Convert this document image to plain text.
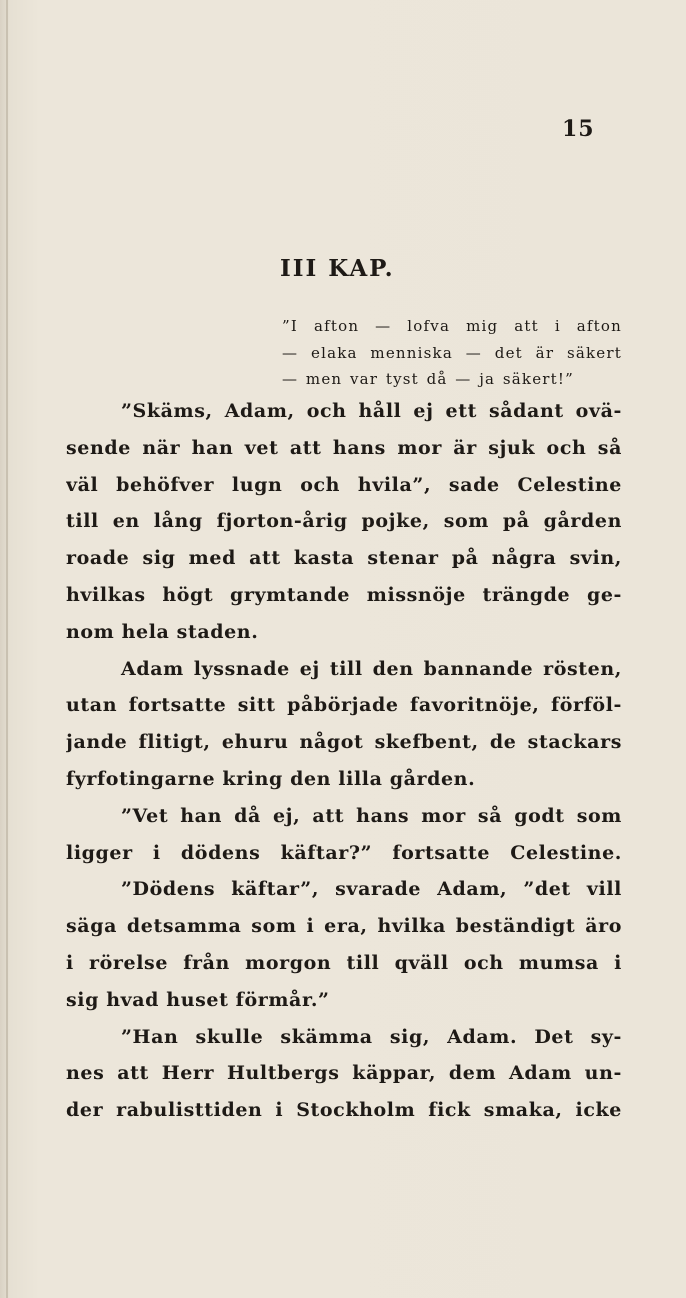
15
III KAP.
”I afton — lofva mig att i afton
— elaka menniska — det är säkert
— men var tyst då — ja säkert!”
”Skäms, Adam, och håll ej ett sådant ovä-
sende när han vet att hans mor är sjuk och så
väl behöfver lugn och hvila”, sade Celestine
till en lång fjorton-årig pojke, som på gården
roade sig med att kasta stenar på några svin,
hvilkas högt grymtande missnöje trängde ge-
nom hela staden.
Adam lyssnade ej till den bannande rösten,
utan fortsatte sitt påbörjade favoritnöje, förföl-
jande flitigt, ehuru något skefbent, de stackars
fyrfotingarne kring den lilla gården.
”Vet han då ej, att hans mor så godt som
ligger i dödens käftar?” fortsatte Celestine.
”Dödens käftar”, svarade Adam, ”det vill
säga detsamma som i era, hvilka beständigt äro
i rörelse från morgon till qväll och mumsa i
sig hvad huset förmår.”
”Han skulle skämma sig, Adam. Det sy-
nes att Herr Hultbergs käppar, dem Adam un-
der rabulisttiden i Stockholm fick smaka, icke
